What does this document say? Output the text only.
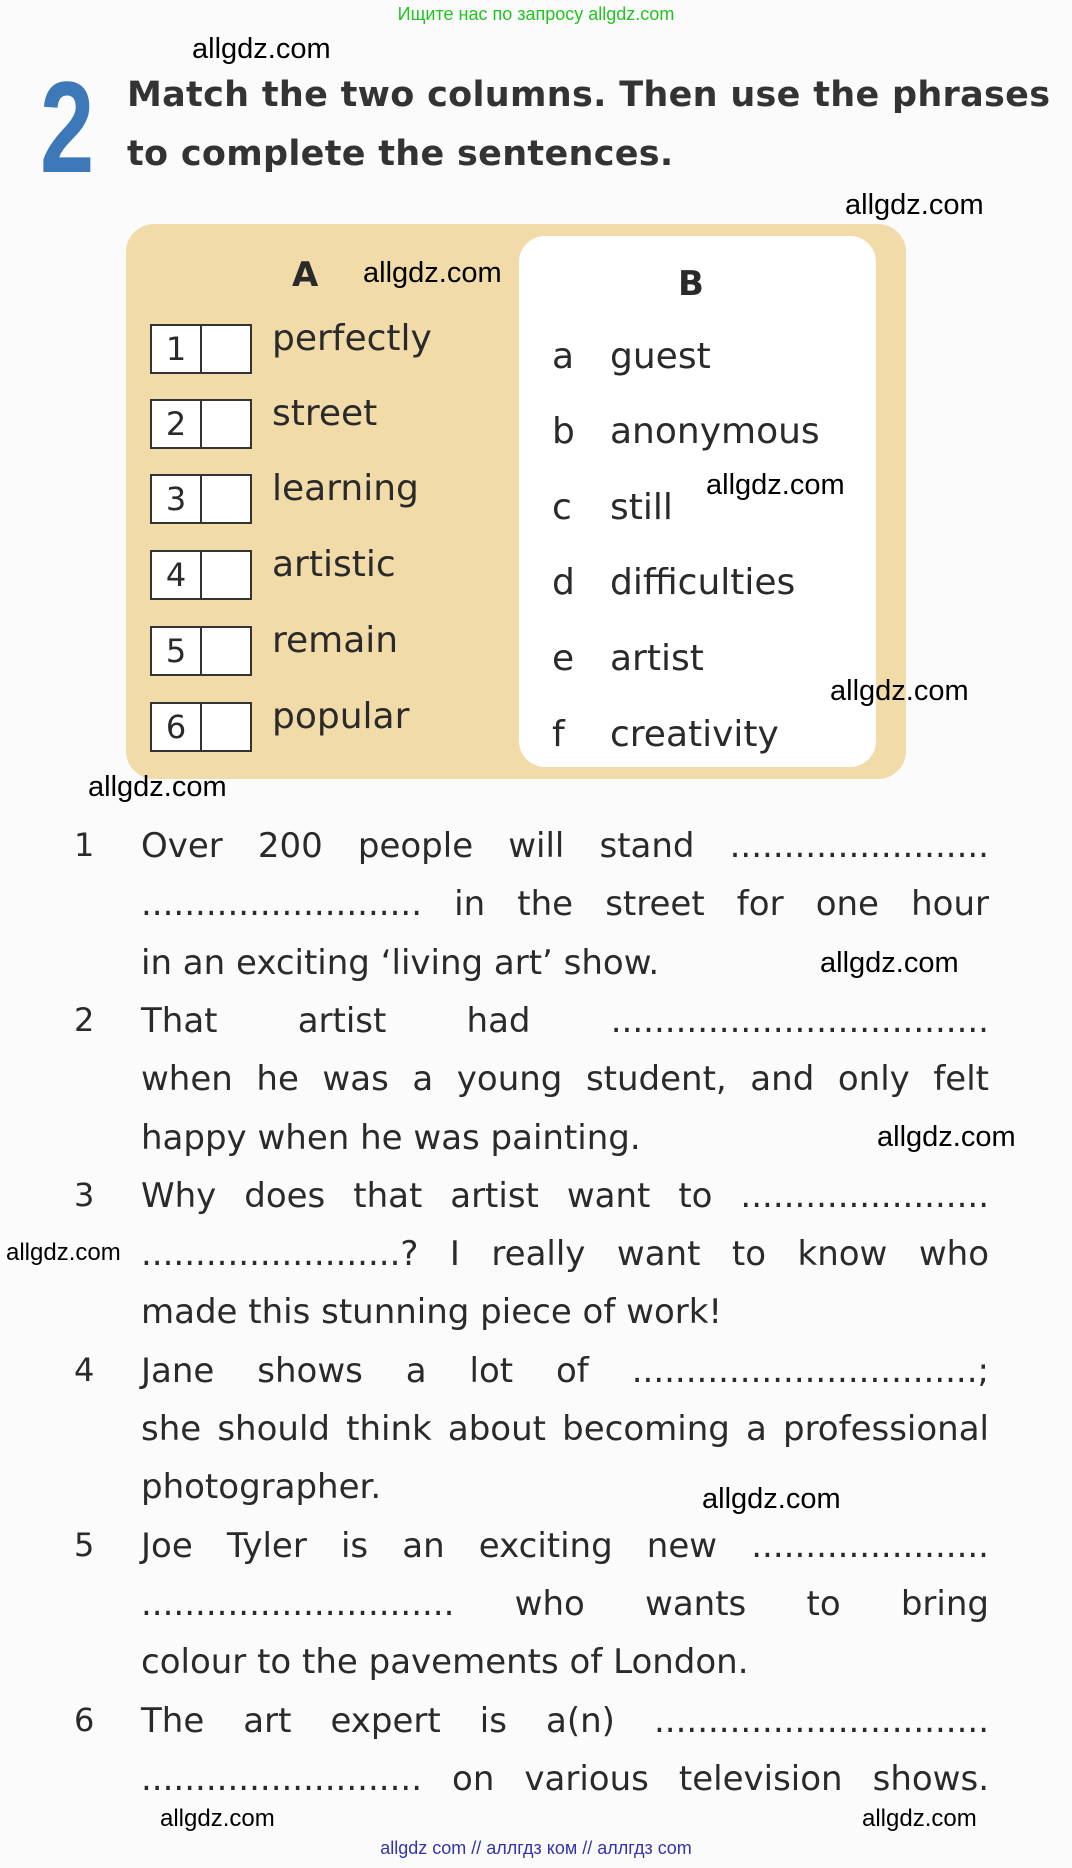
Ищите нас по запросу allgdz.com
2 Match the two columns. Then use the phrases
to complete the sentences.
A	B
1	perfectly
2	street
3	learning
4	artistic
5	remain
6	popular
a guest
b anonymous
c still
d difficulties
e artist
f creativity
1 Over 200 people will stand ........................
.......................... in the street for one hour
in an exciting ‘living art’ show.
2 That artist had ...................................
when he was a young student, and only felt
happy when he was painting.
3 Why does that artist want to .......................
........................? I really want to know who
made this stunning piece of work!
4 Jane shows a lot of ................................;
she should think about becoming a professional
photographer.
5 Joe Tyler is an exciting new ......................
............................. who wants to bring
colour to the pavements of London.
6 The art expert is a(n) ...............................
.......................... on various television shows.
allgdz.com
allgdz.com
allgdz.com
allgdz.com
allgdz.com
allgdz.com
allgdz.com
allgdz.com
allgdz.com
allgdz.com
allgdz.com	allgdz.com
allgdz com // аллгдз ком // аллгдз com
